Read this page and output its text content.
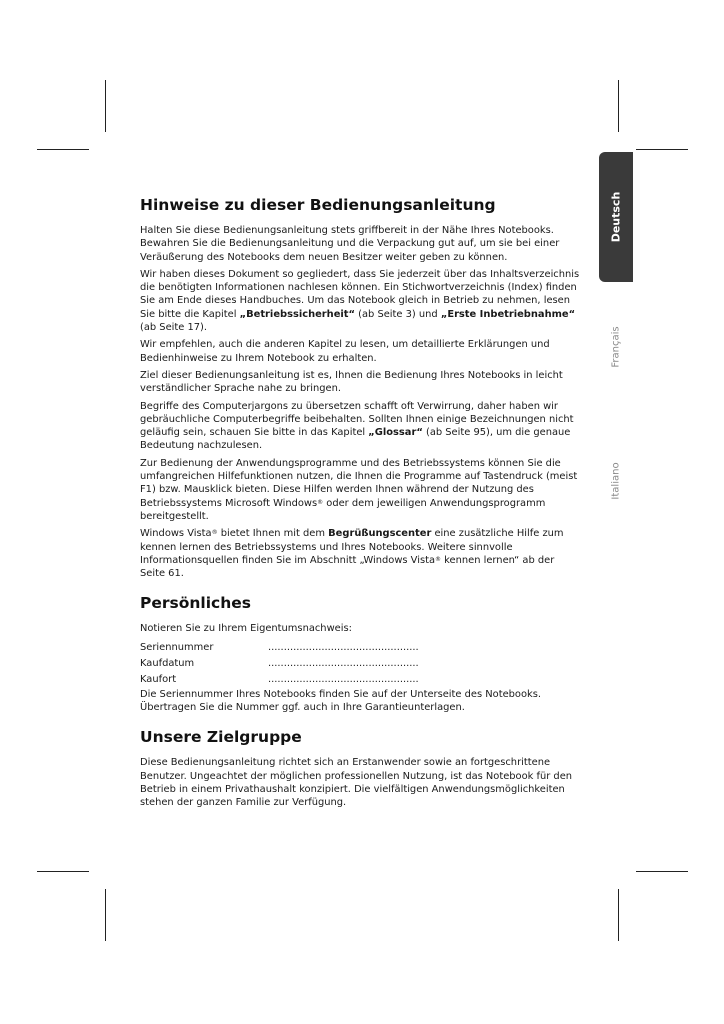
Deutsch
Français
Italiano
Hinweise zu dieser Bedienungsanleitung

Halten Sie diese Bedienungsanleitung stets griffbereit in der Nähe Ihres Notebooks. Bewahren Sie die Bedienungsanleitung und die Verpackung gut auf, um sie bei einer Veräußerung des Notebooks dem neuen Besitzer weiter geben zu können.

Wir haben dieses Dokument so gegliedert, dass Sie jederzeit über das Inhaltsverzeichnis die benötigten Informationen nachlesen können. Ein Stichwortverzeichnis (Index) finden Sie am Ende dieses Handbuches. Um das Notebook gleich in Betrieb zu nehmen, lesen Sie bitte die Kapitel „Betriebssicherheit“ (ab Seite 3) und „Erste Inbetriebnahme“ (ab Seite 17).

Wir empfehlen, auch die anderen Kapitel zu lesen, um detaillierte Erklärungen und Bedienhinweise zu Ihrem Notebook zu erhalten.

Ziel dieser Bedienungsanleitung ist es, Ihnen die Bedienung Ihres Notebooks in leicht verständlicher Sprache nahe zu bringen.

Begriffe des Computerjargons zu übersetzen schafft oft Verwirrung, daher haben wir gebräuchliche Computerbegriffe beibehalten. Sollten Ihnen einige Bezeichnungen nicht geläufig sein, schauen Sie bitte in das Kapitel „Glossar“ (ab Seite 95), um die genaue Bedeutung nachzulesen.

Zur Bedienung der Anwendungsprogramme und des Betriebssystems können Sie die umfangreichen Hilfefunktionen nutzen, die Ihnen die Programme auf Tastendruck (meist F1) bzw. Mausklick bieten. Diese Hilfen werden Ihnen während der Nutzung des Betriebssystems Microsoft Windows® oder dem jeweiligen Anwendungsprogramm bereitgestellt.

Windows Vista® bietet Ihnen mit dem Begrüßungscenter eine zusätzliche Hilfe zum kennen lernen des Betriebssystems und Ihres Notebooks. Weitere sinnvolle Informationsquellen finden Sie im Abschnitt „Windows Vista® kennen lernen“ ab der Seite 61.

Persönliches

Notieren Sie zu Ihrem Eigentumsnachweis:

Seriennummer	................................................
Kaufdatum	................................................
Kaufort	................................................

Die Seriennummer Ihres Notebooks finden Sie auf der Unterseite des Notebooks. Übertragen Sie die Nummer ggf. auch in Ihre Garantieunterlagen.

Unsere Zielgruppe

Diese Bedienungsanleitung richtet sich an Erstanwender sowie an fortgeschrittene Benutzer. Ungeachtet der möglichen professionellen Nutzung, ist das Notebook für den Betrieb in einem Privathaushalt konzipiert. Die vielfältigen Anwendungsmöglichkeiten stehen der ganzen Familie zur Verfügung.
